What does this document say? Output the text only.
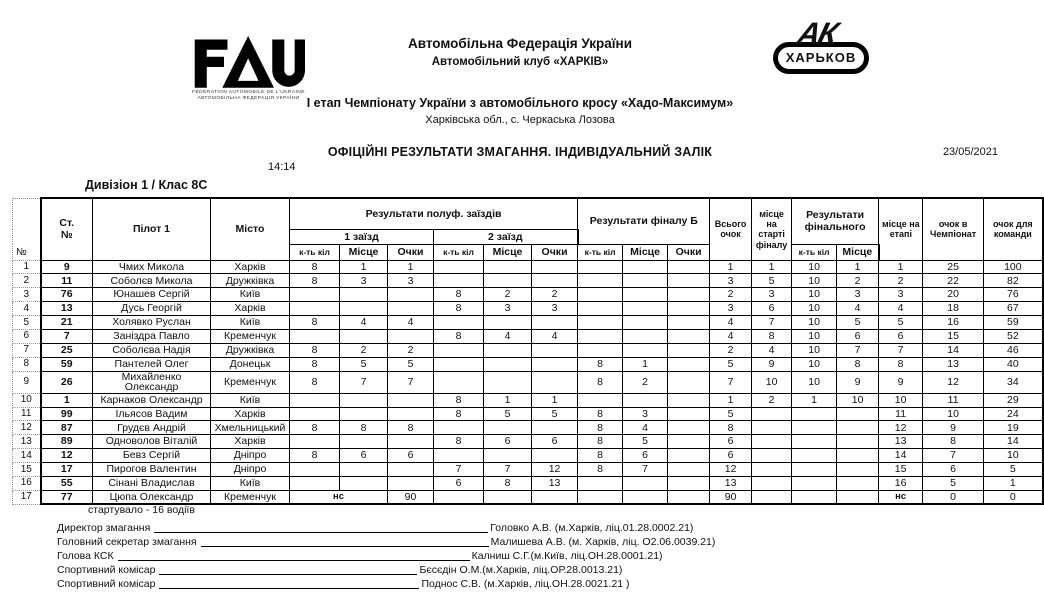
FÉDÉRATION AUTOMOBILE DE L'UKRAINE
АВТОМОБІЛЬНА ФЕДЕРАЦІЯ УКРАЇНИ
Автомобільна Федерація України
Автомобільний клуб «ХАРКІВ»
І етап Чемпіонату України з автомобільного кросу «Хадо-Максимум»
Харківська обл., с. Черкаська Лозова
ОФІЦІЙНІ РЕЗУЛЬТАТИ ЗМАГАННЯ. ІНДИВІДУАЛЬНИЙ ЗАЛІК
АК
ХАРЬКОВ
23/05/2021
14:14
Дивізіон 1 / Клас 8С
№	Ст.
№	Пілот 1	Місто	Результати полуф. заїздів						Результати фіналу Б			Всього очок	місце на старті фіналу	Результати фінального		місце на етапі	очок в Чемпіонат	очок для команди
				1 заїзд			2 заїзд												
				к-ть кіл	Місце	Очки	к-ть кіл	Місце	Очки	к-ть кіл	Місце	Очки			к-ть кіл	Місце			
1	9	Чмих Микола	Харків	8	1	1							1	1	10	1	1	25	100
2	11	Соболєв Микола	Дружківка	8	3	3							3	5	10	2	2	22	82
3	76	Юнашев Сергій	Київ				8	2	2				2	3	10	3	3	20	76
4	13	Дусь Георгій	Харків				8	3	3				3	6	10	4	4	18	67
5	21	Холявко Руслан	Київ	8	4	4							4	7	10	5	5	16	59
6	7	Заніздра Павло	Кременчук				8	4	4				4	8	10	6	6	15	52
7	25	Соболєва Надія	Дружківка	8	2	2							2	4	10	7	7	14	46
8	59	Пантелей Олег	Донецьк	8	5	5				8	1		5	9	10	8	8	13	40
9	26	Михайленко Олександр	Кременчук	8	7	7				8	2		7	10	10	9	9	12	34
10	1	Карнаков Олександр	Київ				8	1	1				1	2	1	10	10	11	29
11	99	Ільясов Вадим	Харків				8	5	5	8	3		5				11	10	24
12	87	Грудєв Андрій	Хмельницький	8	8	8				8	4		8				12	9	19
13	89	Одноволов Віталій	Харків				8	6	6	8	5		6				13	8	14
14	12	Бевз Сергій	Дніпро	8	6	6				8	6		6				14	7	10
15	17	Пирогов Валентин	Дніпро				7	7	12	8	7		12				15	6	5
16	55	Сінані Владислав	Київ				6	8	13				13				16	5	1
17	77	Цюпа Олександр	Кременчук	нс		90							90				нс	0	0
стартувало - 16 водіїв
Директор змагання	Головко А.В. (м.Харків, ліц.01.28.0002.21)
Головний секретар змагання	Малишева А.В. (м. Харків, ліц. О2.06.0039.21)
Голова КСК	Калниш С.Г.(м.Київ, ліц.ОН.28.0001.21)
Спортивний комісар	Бєсєдін О.М.(м.Харків, ліц.ОР.28.0013.21)
Спортивний комісар	Поднос С.В. (м.Харків, ліц.ОН.28.0021.21 )
